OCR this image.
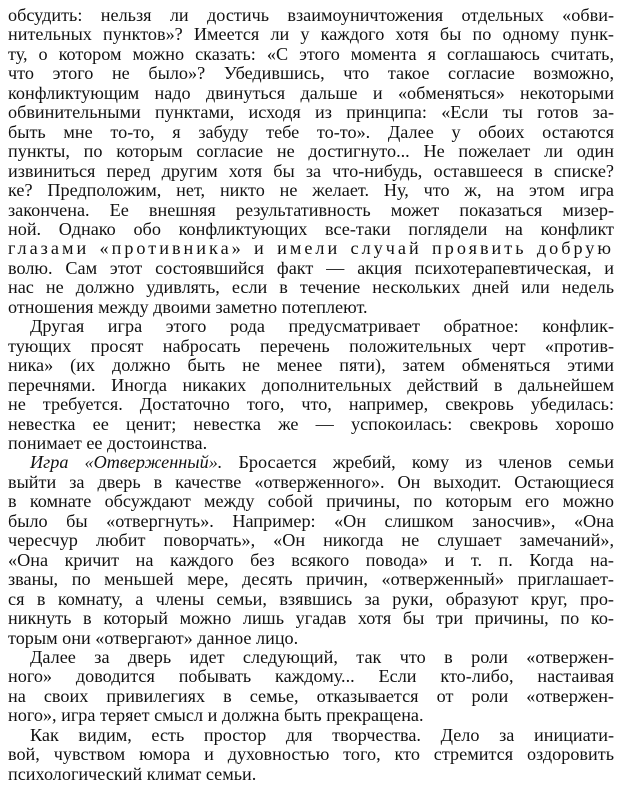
обсудить: нельзя ли достичь взаимоуничтожения отдельных «обви-
нительных пунктов»? Имеется ли у каждого хотя бы по одному пунк-
ту, о котором можно сказать: «С этого момента я соглашаюсь считать,
что этого не было»? Убедившись, что такое согласие возможно,
конфликтующим надо двинуться дальше и «обменяться» некоторыми
обвинительными пунктами, исходя из принципа: «Если ты готов за-
быть мне то-то, я забуду тебе то-то». Далее у обоих остаются
пункты, по которым согласие не достигнуто... Не пожелает ли один
извиниться перед другим хотя бы за что-нибудь, оставшееся в списке?
ке? Предположим, нет, никто не желает. Ну, что ж, на этом игра
закончена. Ее внешняя результативность может показаться мизер-
ной. Однако обо конфликтующих все-таки поглядели на конфликт
глазами «противника» и имели случай проявить добрую
волю. Сам этот состоявшийся факт — акция психотерапевтическая, и
нас не должно удивлять, если в течение нескольких дней или недель
отношения между двоими заметно потеплеют.
Другая игра этого рода предусматривает обратное: конфлик-
тующих просят набросать перечень положительных черт «против-
ника» (их должно быть не менее пяти), затем обменяться этими
перечнями. Иногда никаких дополнительных действий в дальнейшем
не требуется. Достаточно того, что, например, свекровь убедилась:
невестка ее ценит; невестка же — успокоилась: свекровь хорошо
понимает ее достоинства.
Игра «Отверженный». Бросается жребий, кому из членов семьи
выйти за дверь в качестве «отверженного». Он выходит. Остающиеся
в комнате обсуждают между собой причины, по которым его можно
было бы «отвергнуть». Например: «Он слишком заносчив», «Она
чересчур любит поворчать», «Он никогда не слушает замечаний»,
«Она кричит на каждого без всякого повода» и т. п. Когда на-
званы, по меньшей мере, десять причин, «отверженный» приглашает-
ся в комнату, а члены семьи, взявшись за руки, образуют круг, про-
никнуть в который можно лишь угадав хотя бы три причины, по ко-
торым они «отвергают» данное лицо.
Далее за дверь идет следующий, так что в роли «отвержен-
ного» доводится побывать каждому... Если кто-либо, настаивая
на своих привилегиях в семье, отказывается от роли «отвержен-
ного», игра теряет смысл и должна быть прекращена.
Как видим, есть простор для творчества. Дело за инициати-
вой, чувством юмора и духовностью того, кто стремится оздоровить
психологический климат семьи.
